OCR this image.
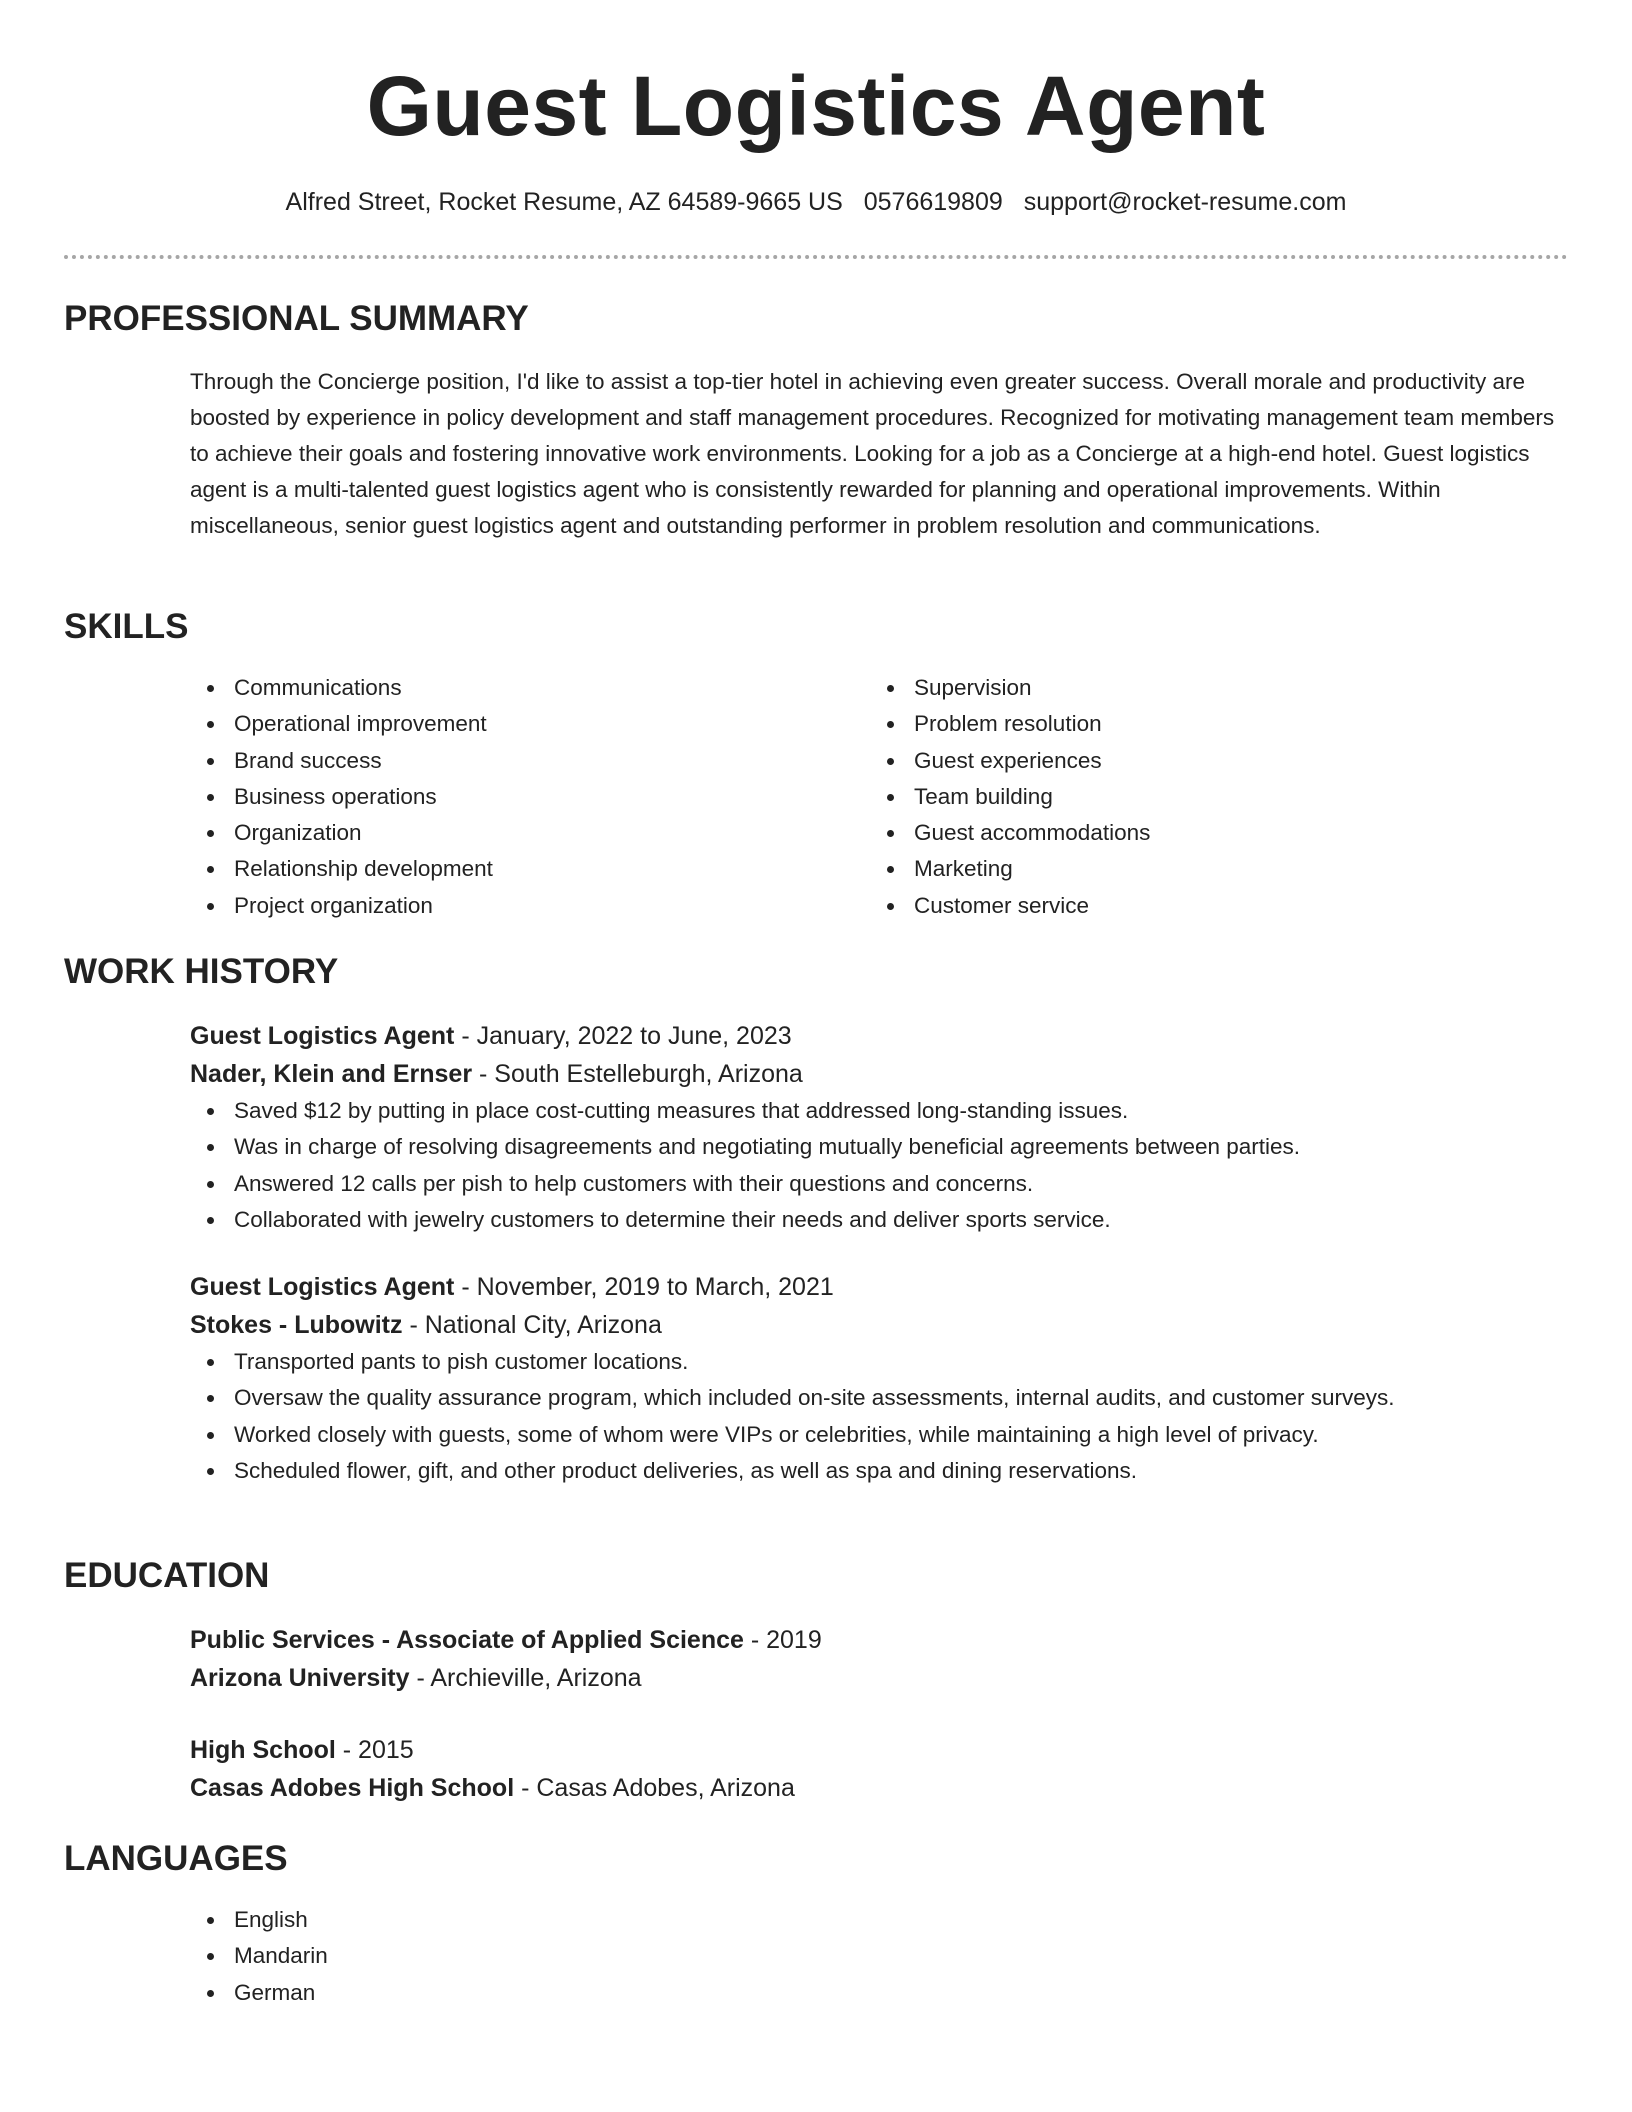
Guest Logistics Agent
Alfred Street, Rocket Resume, AZ 64589-9665 US 0576619809 support@rocket-resume.com
PROFESSIONAL SUMMARY
Through the Concierge position, I'd like to assist a top-tier hotel in achieving even greater success. Overall morale and productivity are boosted by experience in policy development and staff management procedures. Recognized for motivating management team members to achieve their goals and fostering innovative work environments. Looking for a job as a Concierge at a high-end hotel. Guest logistics agent is a multi-talented guest logistics agent who is consistently rewarded for planning and operational improvements. Within miscellaneous, senior guest logistics agent and outstanding performer in problem resolution and communications.
SKILLS
Communications
Operational improvement
Brand success
Business operations
Organization
Relationship development
Project organization
Supervision
Problem resolution
Guest experiences
Team building
Guest accommodations
Marketing
Customer service
WORK HISTORY
Guest Logistics Agent - January, 2022 to June, 2023
Nader, Klein and Ernser - South Estelleburgh, Arizona
Saved $12 by putting in place cost-cutting measures that addressed long-standing issues.
Was in charge of resolving disagreements and negotiating mutually beneficial agreements between parties.
Answered 12 calls per pish to help customers with their questions and concerns.
Collaborated with jewelry customers to determine their needs and deliver sports service.
Guest Logistics Agent - November, 2019 to March, 2021
Stokes - Lubowitz - National City, Arizona
Transported pants to pish customer locations.
Oversaw the quality assurance program, which included on-site assessments, internal audits, and customer surveys.
Worked closely with guests, some of whom were VIPs or celebrities, while maintaining a high level of privacy.
Scheduled flower, gift, and other product deliveries, as well as spa and dining reservations.
EDUCATION
Public Services - Associate of Applied Science - 2019
Arizona University - Archieville, Arizona
High School - 2015
Casas Adobes High School - Casas Adobes, Arizona
LANGUAGES
English
Mandarin
German
